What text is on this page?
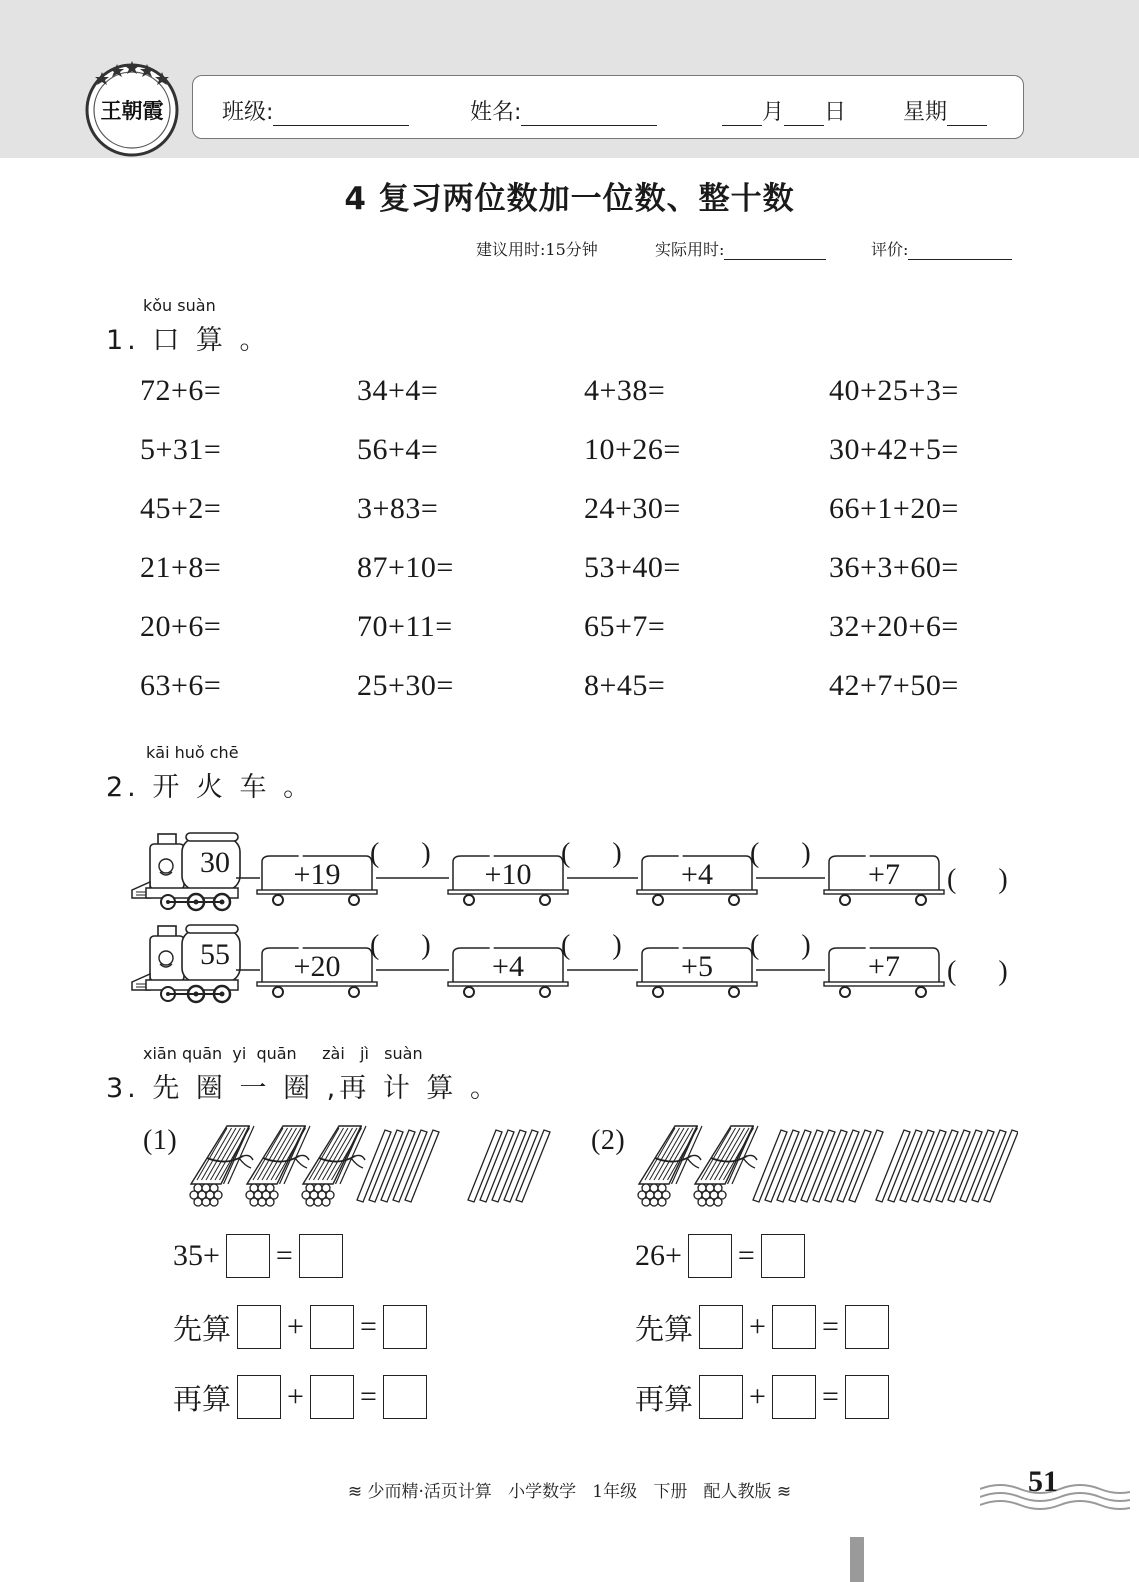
王朝霞	班级:	姓名:	月 日	星期
4 复习两位数加一位数、整十数
建议用时:15分钟	实际用时:	评价:
kǒu suàn
1. 口 算 。
72+6=	34+4=	4+38=	40+25+3=
5+31=	56+4=	10+26=	30+42+5=
45+2=	3+83=	24+30=	66+1+20=
21+8=	87+10=	53+40=	36+3+60=
20+6=	70+11=	65+7=	32+20+6=
63+6=	25+30=	8+45=	42+7+50=
kāi huǒ chē
2. 开 火 车 。
30	+19
(      )
+10
(      )
+4
(      )
+7	(      )
55	+20
(      )
+4
(      )
+5
(      )
+7	(      )
xiān quān  yi  quān     zài   jì   suàn
3. 先 圈 一 圈 ,再 计 算 。
(1)
35+ =
先算 + =
再算 + =
(2)
26+ =
先算 + =
再算 + =
≋ 少而精·活页计算   小学数学   1年级   下册   配人教版 ≋	51
